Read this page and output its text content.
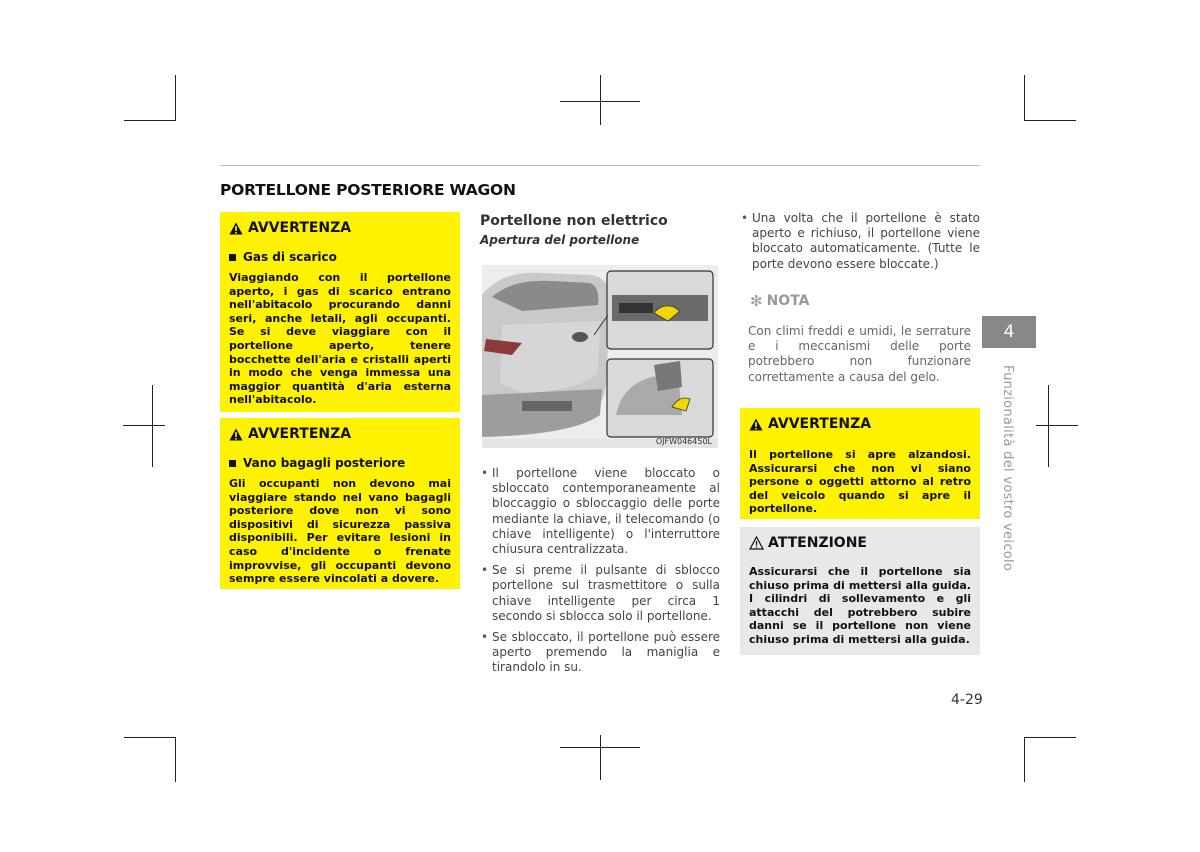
PORTELLONE POSTERIORE WAGON
AVVERTENZA
Gas di scarico
Viaggiando con il portellone aperto, i gas di scarico entrano nell'abitacolo procurando danni seri, anche letali, agli occupanti. Se si deve viaggiare con il portellone aperto, tenere bocchette dell'aria e cristalli aperti in modo che venga immessa una maggior quantità d'aria esterna nell'abitacolo.
AVVERTENZA
Vano bagagli posteriore
Gli occupanti non devono mai viaggiare stando nel vano bagagli posteriore dove non vi sono dispositivi di sicurezza passiva disponibili. Per evitare lesioni in caso d'incidente o frenate improvvise, gli occupanti devono sempre essere vincolati a dovere.
Portellone non elettrico
Apertura del portellone
OJFW046450L
• Il portellone viene bloccato o sbloccato contemporaneamente al bloccaggio o sbloccaggio delle porte mediante la chiave, il telecomando (o chiave intelligente) o l'interruttore chiusura centralizzata.
• Se si preme il pulsante di sblocco portellone sul trasmettitore o sulla chiave intelligente per circa 1 secondo si sblocca solo il portellone.
• Se sbloccato, il portellone può essere aperto premendo la maniglia e tirandolo in su.
• Una volta che il portellone è stato aperto e richiuso, il portellone viene bloccato automaticamente. (Tutte le porte devono essere bloccate.)
✻ NOTA
Con climi freddi e umidi, le serrature e i meccanismi delle porte potrebbero non funzionare correttamente a causa del gelo.
AVVERTENZA
Il portellone si apre alzandosi. Assicurarsi che non vi siano persone o oggetti attorno al retro del veicolo quando si apre il portellone.
ATTENZIONE
Assicurarsi che il portellone sia chiuso prima di mettersi alla guida. I cilindri di sollevamento e gli attacchi del potrebbero subire danni se il portellone non viene chiuso prima di mettersi alla guida.
4
Funzionalità del vostro veicolo
4-29
